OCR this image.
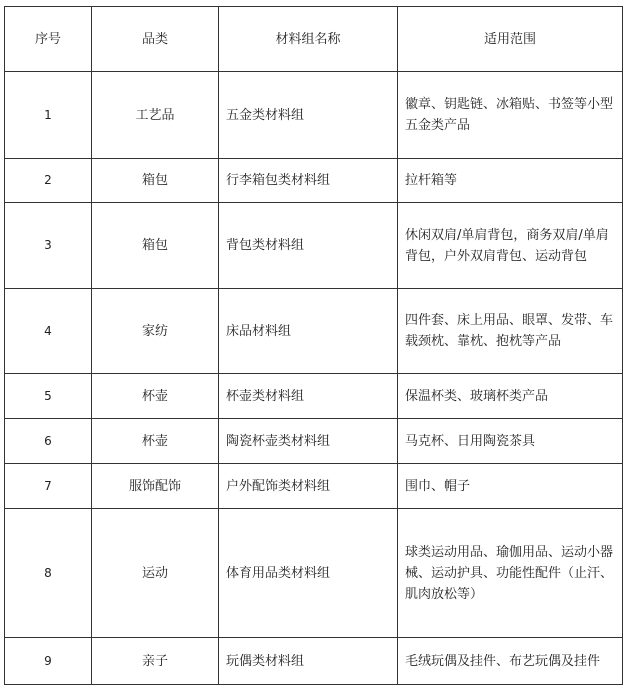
序号	品类	材料组名称	适用范围
1	工艺品	五金类材料组	徽章、钥匙链、冰箱贴、书签等小型五金类产品
2	箱包	行李箱包类材料组	拉杆箱等
3	箱包	背包类材料组	休闲双肩/单肩背包，商务双肩/单肩背包，户外双肩背包、运动背包
4	家纺	床品材料组	四件套、床上用品、眼罩、发带、车载颈枕、靠枕、抱枕等产品
5	杯壶	杯壶类材料组	保温杯类、玻璃杯类产品
6	杯壶	陶瓷杯壶类材料组	马克杯、日用陶瓷茶具
7	服饰配饰	户外配饰类材料组	围巾、帽子
8	运动	体育用品类材料组	球类运动用品、瑜伽用品、运动小器械、运动护具、功能性配件（止汗、肌肉放松等）
9	亲子	玩偶类材料组	毛绒玩偶及挂件、布艺玩偶及挂件
